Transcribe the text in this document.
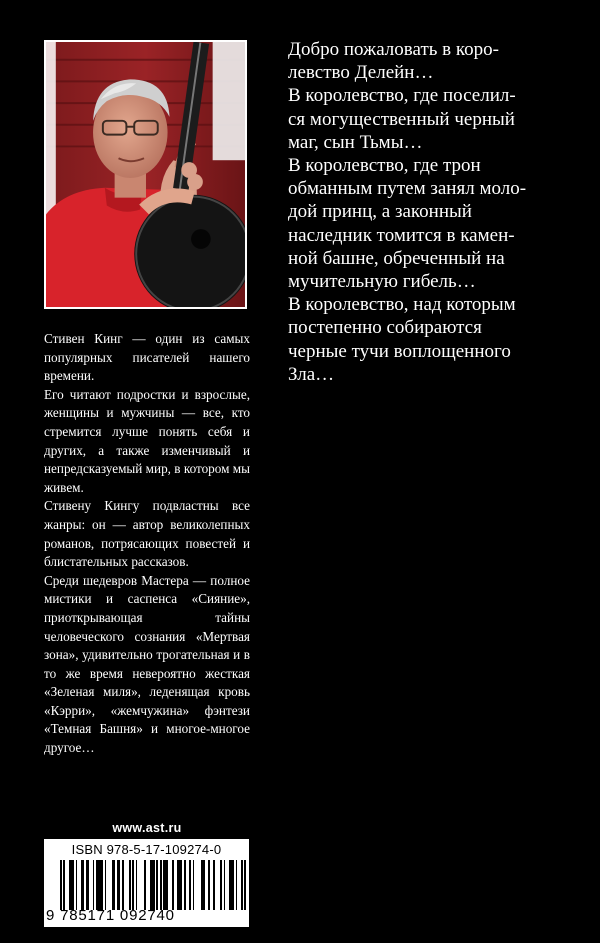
Добро пожаловать в коро-

левство Делейн…

В королевство, где поселил-

ся могущественный черный

маг, сын Тьмы…

В королевство, где трон

обманным путем занял моло-

дой принц, а законный

наследник томится в камен-

ной башне, обреченный на

мучительную гибель…

В королевство, над которым

постепенно собираются

черные тучи воплощенного

Зла…

Стивен Кинг — один из самых популярных писателей нашего времени.

Его читают подростки и взрослые, женщины и мужчины — все, кто стремится лучше понять себя и других, а также изменчивый и непредсказуемый мир, в котором мы живем.

Стивену Кингу подвластны все жанры: он — автор великолепных романов, потрясающих повестей и блистательных рассказов.

Среди шедевров Мастера — полное мистики и саспенса «Сияние», приоткрывающая тайны человеческого сознания «Мертвая зона», удивительно трогательная и в то же время невероятно жесткая «Зеленая миля», леденящая кровь «Кэрри», «жемчужина» фэнтези «Темная Башня» и многое-многое другое…

www.ast.ru
ISBN 978-5-17-109274-0
9 785171 092740
